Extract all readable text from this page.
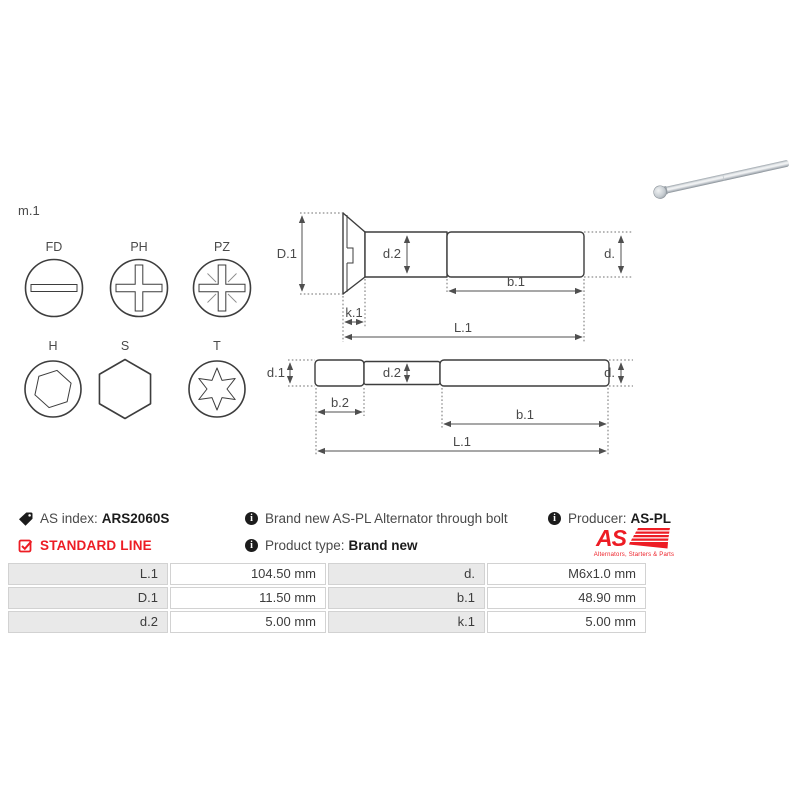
m.1
FD	PH	PZ
H	S	T
D.1	d.2	d.
b.1
k.1
L.1
d.1	d.2	d.
b.2
b.1
L.1
AS index: ARS2060S i	Brand new AS-PL Alternator through bolt i	Producer: AS-PL
STANDARD LINE i	Product type: Brand new	AS
Alternators, Starters & Parts
L.1	104.50 mm	d.	M6x1.0 mm
D.1	11.50 mm	b.1	48.90 mm
d.2	5.00 mm	k.1	5.00 mm
